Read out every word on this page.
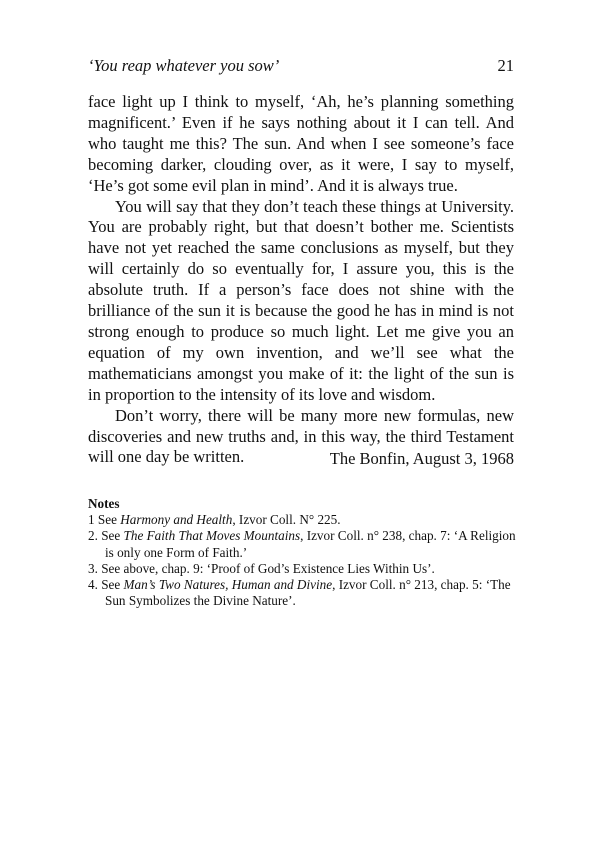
‘You reap whatever you sow’	21

face light up I think to myself, ‘Ah, he’s planning something magnificent.’ Even if he says nothing about it I can tell. And who taught me this? The sun. And when I see someone’s face becoming darker, clouding over, as it were, I say to myself, ‘He’s got some evil plan in mind’. And it is always true.

You will say that they don’t teach these things at University. You are probably right, but that doesn’t bother me. Scientists have not yet reached the same conclusions as myself, but they will certainly do so eventually for, I assure you, this is the absolute truth. If a person’s face does not shine with the brilliance of the sun it is because the good he has in mind is not strong enough to produce so much light. Let me give you an equation of my own invention, and we’ll see what the mathematicians amongst you make of it: the light of the sun is in proportion to the intensity of its love and wisdom.

Don’t worry, there will be many more new formulas, new discoveries and new truths and, in this way, the third Testament will one day be written.	The Bonfin, August 3, 1968
Notes
1 See Harmony and Health, Izvor Coll. N° 225.
2. See The Faith That Moves Mountains, Izvor Coll. n° 238, chap. 7: ‘A Religion is only one Form of Faith.’
3. See above, chap. 9: ‘Proof of God’s Existence Lies Within Us’.
4. See Man’s Two Natures, Human and Divine, Izvor Coll. n° 213, chap. 5: ‘The Sun Symbolizes the Divine Nature’.
